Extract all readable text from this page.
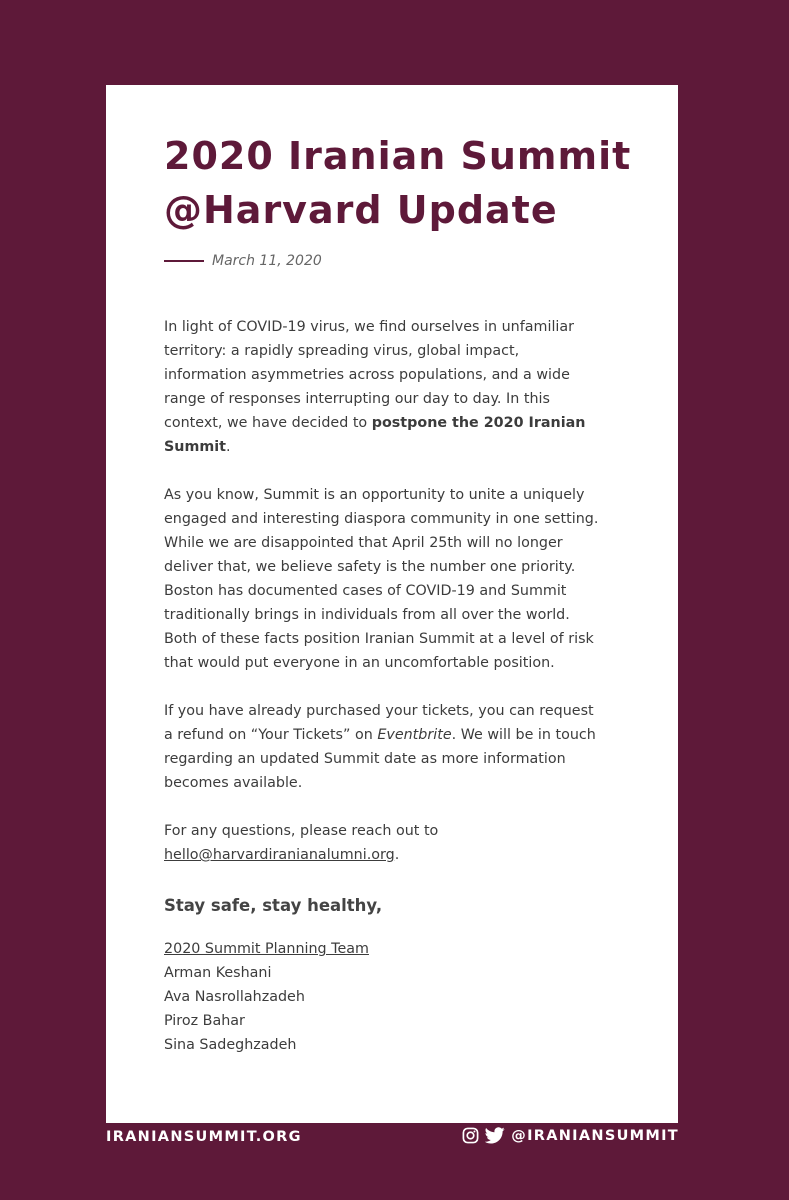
2020 Iranian Summit
@Harvard Update
March 11, 2020

In light of COVID-19 virus, we find ourselves in unfamiliar territory: a rapidly spreading virus, global impact, information asymmetries across populations, and a wide range of responses interrupting our day to day. In this context, we have decided to postpone the 2020 Iranian Summit.

As you know, Summit is an opportunity to unite a uniquely engaged and interesting diaspora community in one setting. While we are disappointed that April 25th will no longer deliver that, we believe safety is the number one priority. Boston has documented cases of COVID-19 and Summit traditionally brings in individuals from all over the world. Both of these facts position Iranian Summit at a level of risk that would put everyone in an uncomfortable position.

If you have already purchased your tickets, you can request a refund on “Your Tickets” on Eventbrite. We will be in touch regarding an updated Summit date as more information becomes available.

For any questions, please reach out to hello@harvardiranianalumni.org.

Stay safe, stay healthy,
2020 Summit Planning Team
Arman Keshani
Ava Nasrollahzadeh
Piroz Bahar
Sina Sadeghzadeh
IRANIANSUMMIT.ORG	@IRANIANSUMMIT
